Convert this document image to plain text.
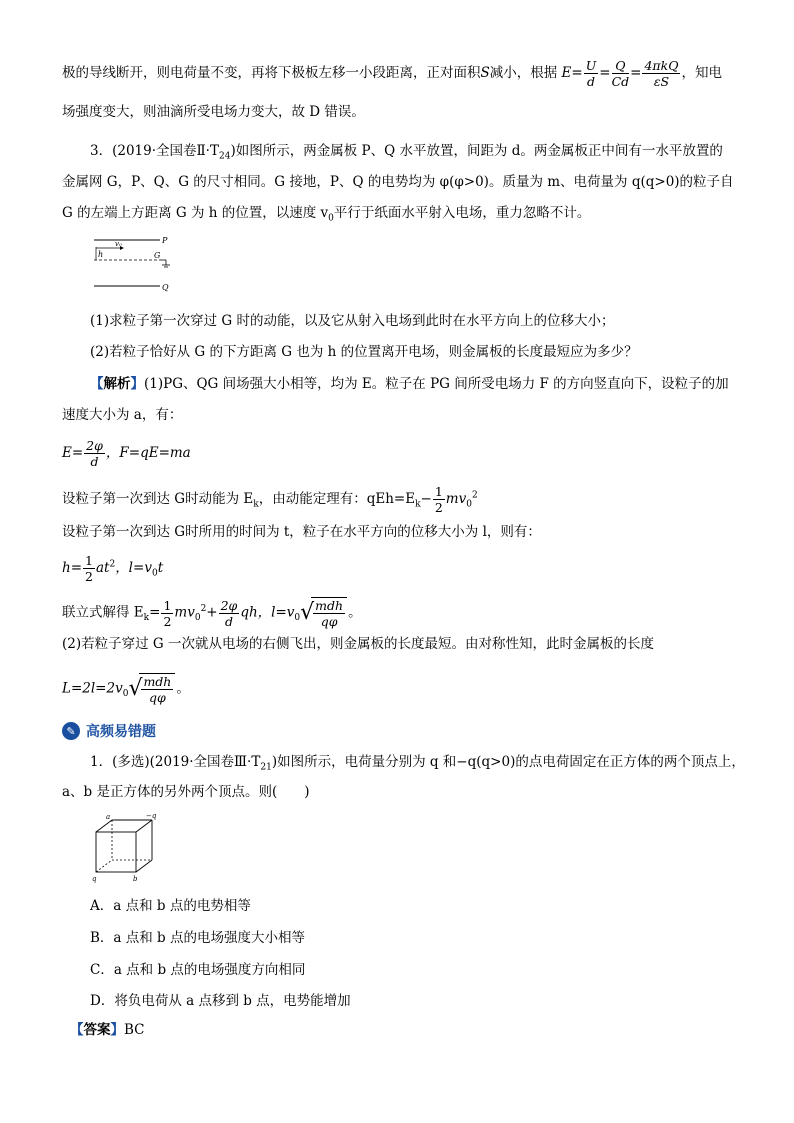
极的导线断开，则电荷量不变，再将下极板左移一小段距离，正对面积S减小，根据 $E= \frac{U}{d} = \frac{Q}{Cd} = \frac{\text{4πkQ}}{\varepsilon S}$ ，知电
场强度变大，则油滴所受电场力变大，故 D 错误。
3．(2019·全国卷$Ⅱ\cdot T_{24}$)如图所示，两金属板 P、Q 水平放置，间距为 d。两金属板正中间有一水平放置的
金属网 G，P、Q、G 的尺寸相同。G 接地，P、Q 的电势均为 φ(φ>0)。质量为 m、电荷量为 q(q>0)的粒子自
G 的左端上方距离 G 为 h 的位置，以速度 $v_0$平行于纸面水平射入电场，重力忽略不计。
P
G
Q
h
v₀
(1)求粒子第一次穿过 G 时的动能，以及它从射入电场到此时在水平方向上的位移大小；
(2)若粒子恰好从 G 的下方距离 G 也为 h 的位置离开电场，则金属板的长度最短应为多少？
【解析】(1)PG、QG 间场强大小相等，均为 E。粒子在 PG 间所受电场力 F 的方向竖直向下，设粒子的加
速度大小为 a，有：
$E= \frac{2\varphi}{d}$ ，F=qE=ma
设粒子第一次到达 G时动能为 $E_k$，由动能定理有：$qEh=E_k- \frac{1}{2} mv_0^2$
设粒子第一次到达 G时所用的时间为 t，粒子在水平方向的位移大小为 l，则有：
$h= \frac{1}{2} at^2$，$l=v_0t$
联立式解得 $E_k= \frac{1}{2} mv_0^2+ \frac{2\varphi}{d}$ qh，$l=v_0$ √
$\frac{\text{mdh}}{q\varphi}$ 。
(2)若粒子穿过 G 一次就从电场的右侧飞出，则金属板的长度最短。由对称性知，此时金属板的长度
$L=2l=2v_0$ √
$\frac{\text{mdh}}{q\varphi}$ 。
✎ 高频易错题
1．(多选)(2019·全国卷$Ⅲ\cdot T_{21}$)如图所示，电荷量分别为 q 和−q(q>0)的点电荷固定在正方体的两个顶点上，
a、b 是正方体的另外两个顶点。则(　　)
a	−q
q	b
A．a 点和 b 点的电势相等
B．a 点和 b 点的电场强度大小相等
C．a 点和 b 点的电场强度方向相同
D．将负电荷从 a 点移到 b 点，电势能增加
【答案】BC
